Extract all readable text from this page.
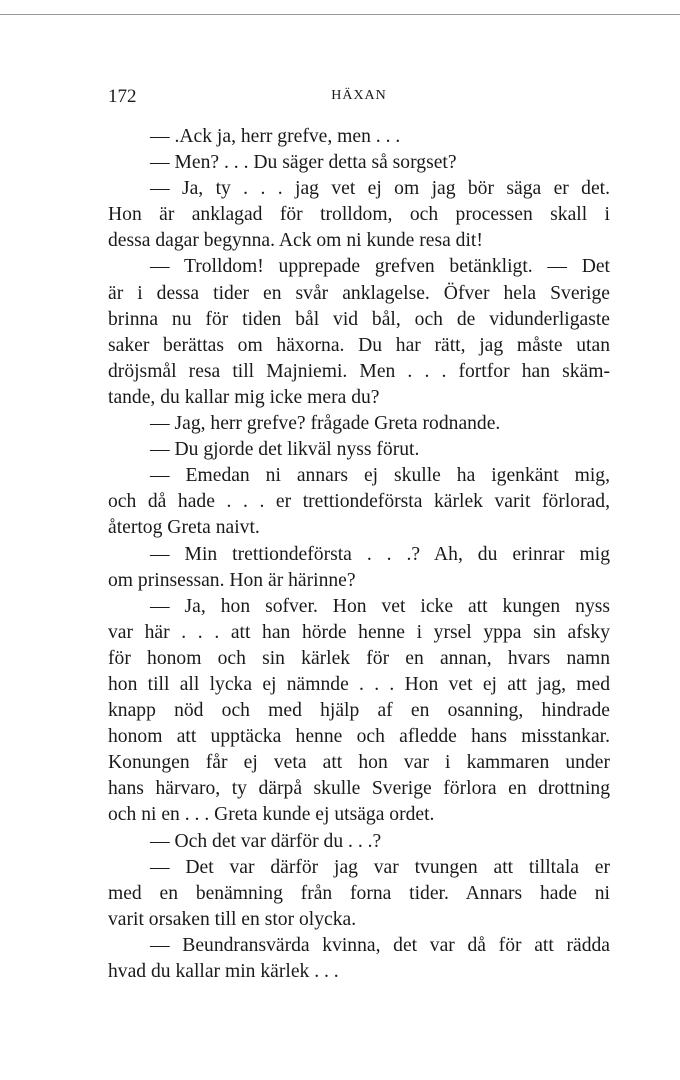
172	HÄXAN
— .Ack ja, herr grefve, men . . .
— Men? . . . Du säger detta så sorgset?
— Ja, ty . . . jag vet ej om jag bör säga er det.
Hon är anklagad för trolldom, och processen skall i
dessa dagar begynna. Ack om ni kunde resa dit!
— Trolldom! upprepade grefven betänkligt. — Det
är i dessa tider en svår anklagelse. Öfver hela Sverige
brinna nu för tiden bål vid bål, och de vidunderligaste
saker berättas om häxorna. Du har rätt, jag måste utan
dröjsmål resa till Majniemi. Men . . . fortfor han skäm-
tande, du kallar mig icke mera du?
— Jag, herr grefve? frågade Greta rodnande.
— Du gjorde det likväl nyss förut.
— Emedan ni annars ej skulle ha igenkänt mig,
och då hade . . . er trettiondeförsta kärlek varit förlorad,
återtog Greta naivt.
— Min trettiondeförsta . . .? Ah, du erinrar mig
om prinsessan. Hon är härinne?
— Ja, hon sofver. Hon vet icke att kungen nyss
var här . . . att han hörde henne i yrsel yppa sin afsky
för honom och sin kärlek för en annan, hvars namn
hon till all lycka ej nämnde . . . Hon vet ej att jag, med
knapp nöd och med hjälp af en osanning, hindrade
honom att upptäcka henne och afledde hans misstankar.
Konungen får ej veta att hon var i kammaren under
hans härvaro, ty därpå skulle Sverige förlora en drottning
och ni en . . . Greta kunde ej utsäga ordet.
— Och det var därför du . . .?
— Det var därför jag var tvungen att tilltala er
med en benämning från forna tider. Annars hade ni
varit orsaken till en stor olycka.
— Beundransvärda kvinna, det var då för att rädda
hvad du kallar min kärlek . . .
